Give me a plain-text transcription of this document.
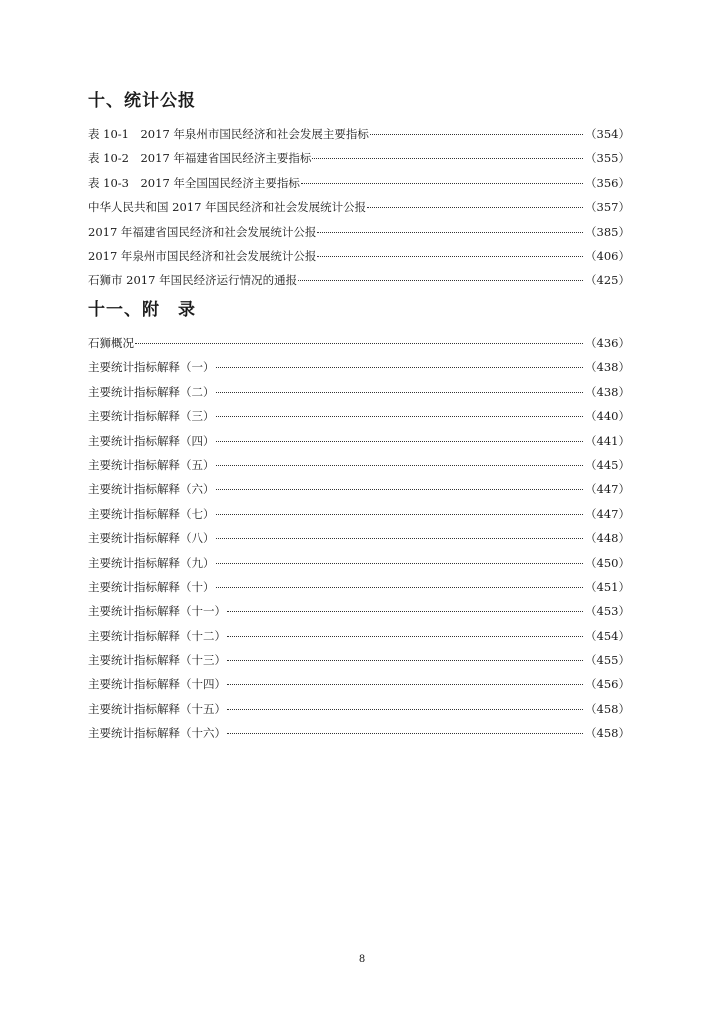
十、统计公报
表 10-1　2017 年泉州市国民经济和社会发展主要指标	（354）
表 10-2　2017 年福建省国民经济主要指标	（355）
表 10-3　2017 年全国国民经济主要指标	（356）
中华人民共和国 2017 年国民经济和社会发展统计公报	（357）
2017 年福建省国民经济和社会发展统计公报	（385）
2017 年泉州市国民经济和社会发展统计公报	（406）
石狮市 2017 年国民经济运行情况的通报	（425）
十一、附　录
石狮概况	（436）
主要统计指标解释（一）	（438）
主要统计指标解释（二）	（438）
主要统计指标解释（三）	（440）
主要统计指标解释（四）	（441）
主要统计指标解释（五）	（445）
主要统计指标解释（六）	（447）
主要统计指标解释（七）	（447）
主要统计指标解释（八）	（448）
主要统计指标解释（九）	（450）
主要统计指标解释（十）	（451）
主要统计指标解释（十一）	（453）
主要统计指标解释（十二）	（454）
主要统计指标解释（十三）	（455）
主要统计指标解释（十四）	（456）
主要统计指标解释（十五）	（458）
主要统计指标解释（十六）	（458）
8
